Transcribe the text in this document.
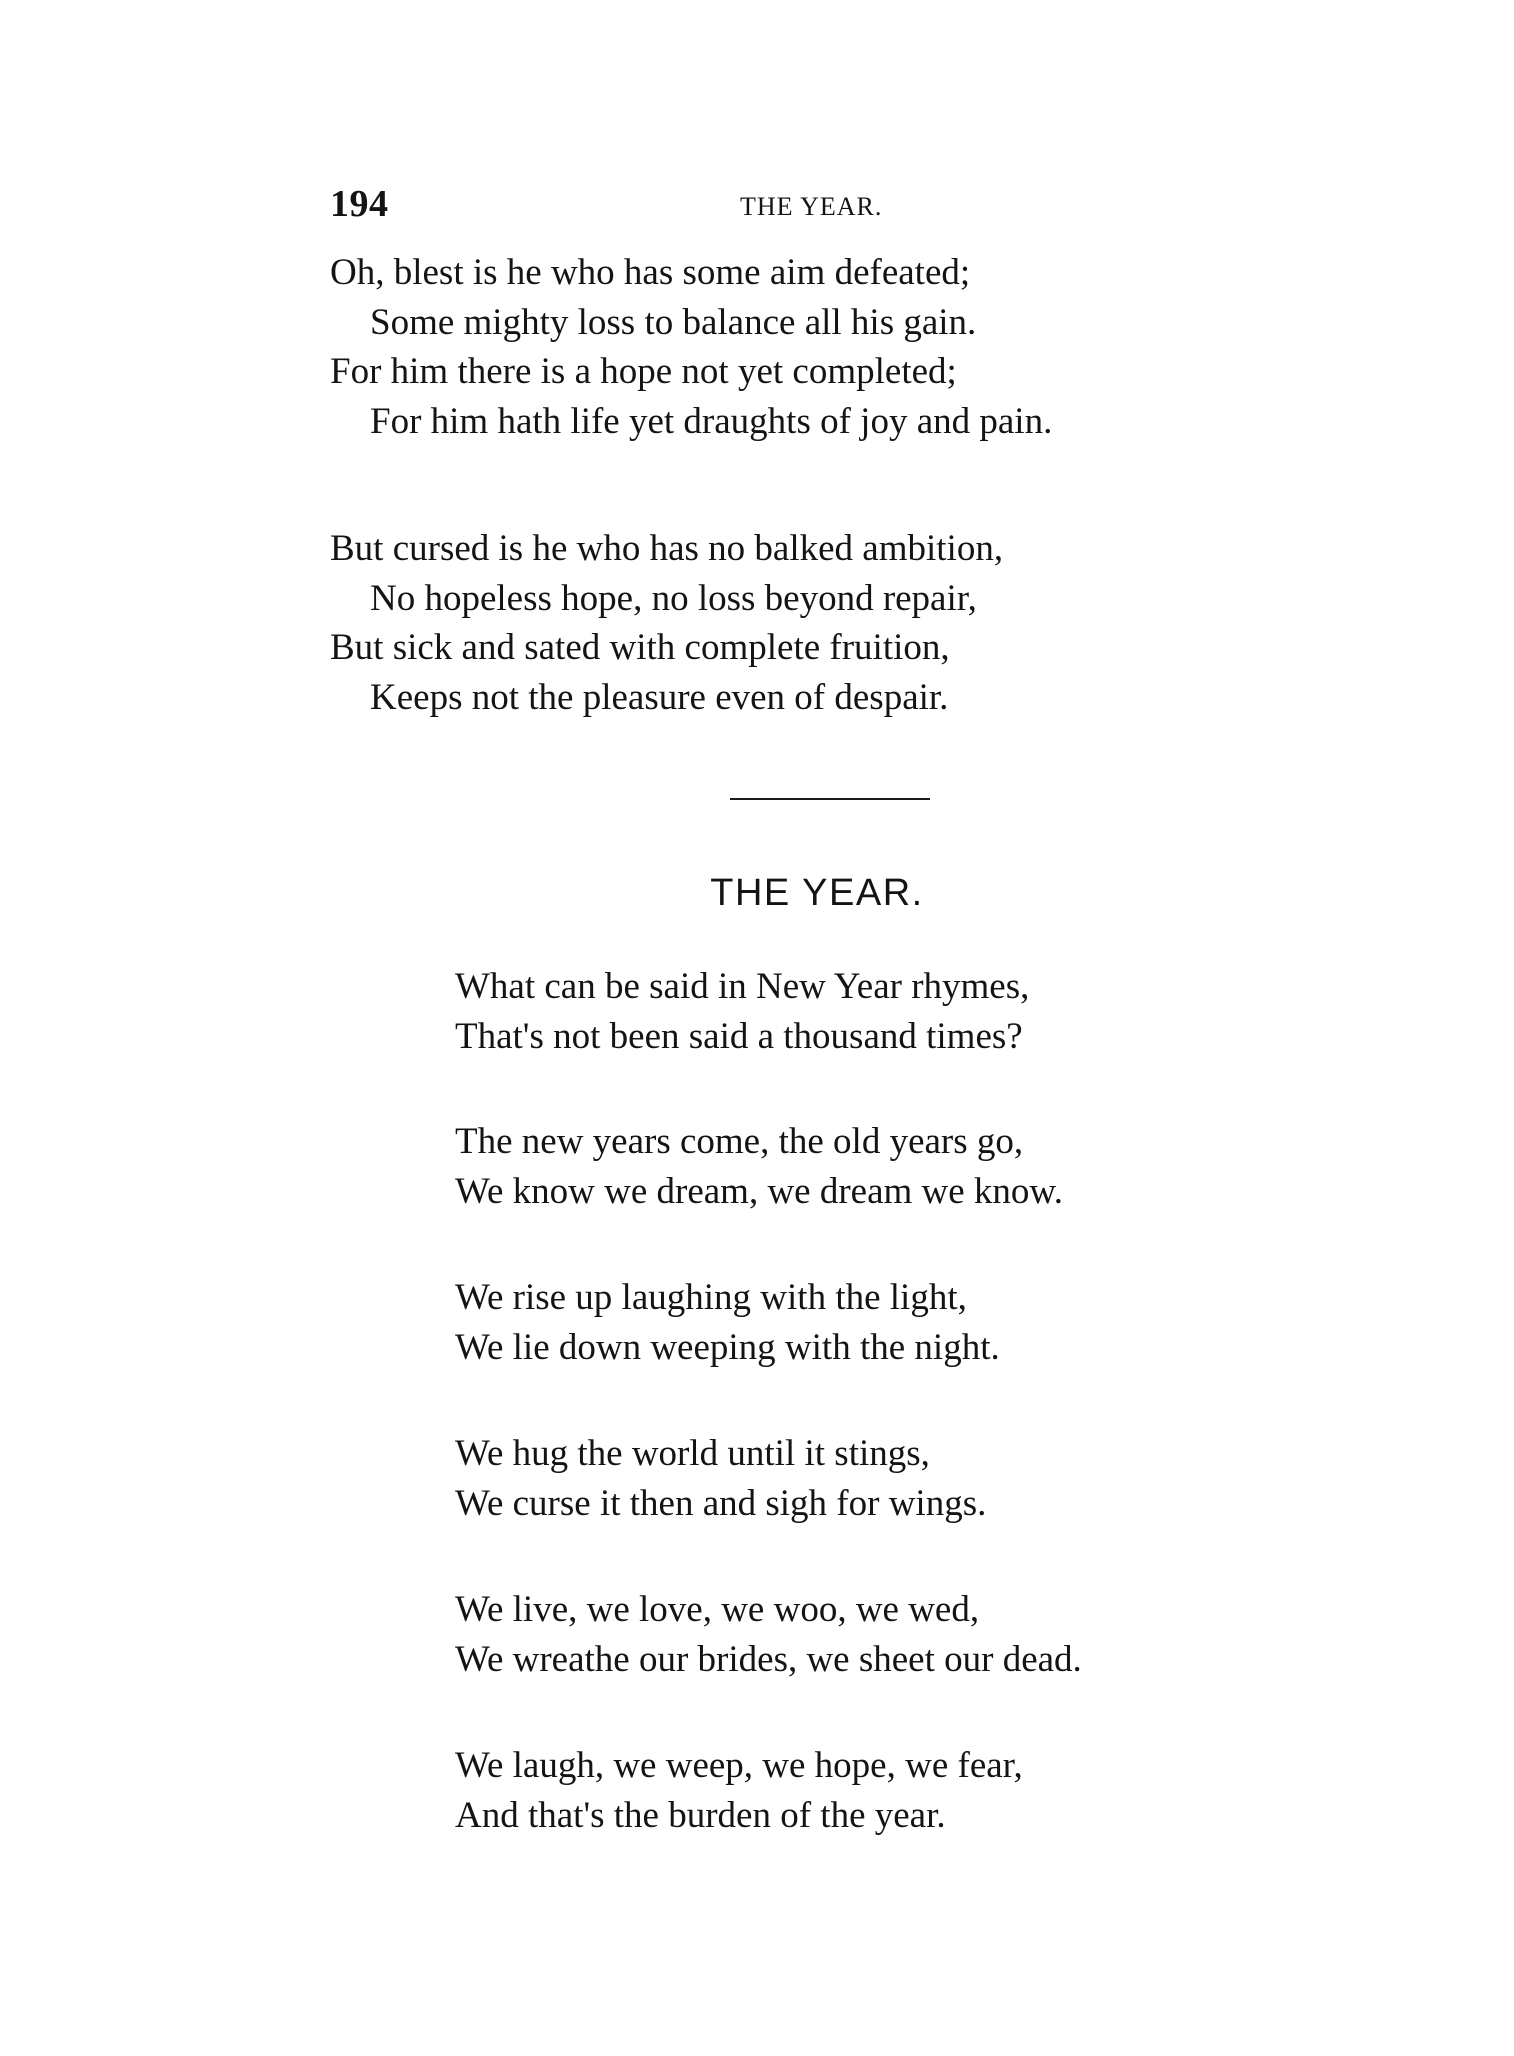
194	THE YEAR.
Oh, blest is he who has some aim defeated;
Some mighty loss to balance all his gain.
For him there is a hope not yet completed;
For him hath life yet draughts of joy and pain.
But cursed is he who has no balked ambition,
No hopeless hope, no loss beyond repair,
But sick and sated with complete fruition,
Keeps not the pleasure even of despair.
THE YEAR.
What can be said in New Year rhymes,
That's not been said a thousand times?
The new years come, the old years go,
We know we dream, we dream we know.
We rise up laughing with the light,
We lie down weeping with the night.
We hug the world until it stings,
We curse it then and sigh for wings.
We live, we love, we woo, we wed,
We wreathe our brides, we sheet our dead.
We laugh, we weep, we hope, we fear,
And that's the burden of the year.
